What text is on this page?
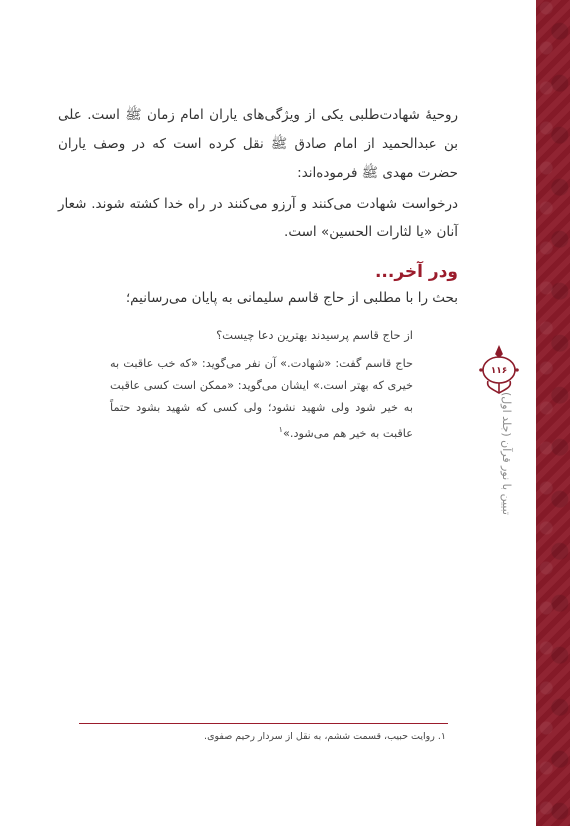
روحیهٔ شهادت‌طلبی یکی از ویژگی‌های یاران امام زمان ﷺ است. علی بن عبدالحمید از امام صادق ﷺ نقل کرده است که در وصف یاران حضرت مهدی ﷺ فرموده‌اند:
درخواست شهادت می‌کنند و آرزو می‌کنند در راه خدا کشته شوند. شعار آنان «یا لثارات الحسین» است.
ودر آخر...
بحث را با مطلبی از حاج قاسم سلیمانی به پایان می‌رسانیم؛
از حاج قاسم پرسیدند بهترین دعا چیست؟
حاج قاسم گفت: «شهادت.» آن نفر می‌گوید: «که خب عاقبت به خیری که بهتر است.» ایشان می‌گوید: «ممکن است کسی عاقبت به خیر شود ولی شهید نشود؛ ولی کسی که شهید بشود حتماً عاقبت به خیر هم می‌شود.»$^۱$
۱۱۶
تبیین با نور قرآن (جلد اول)
۱. روایت حبیب، قسمت ششم، به نقل از سردار رحیم صفوی.
